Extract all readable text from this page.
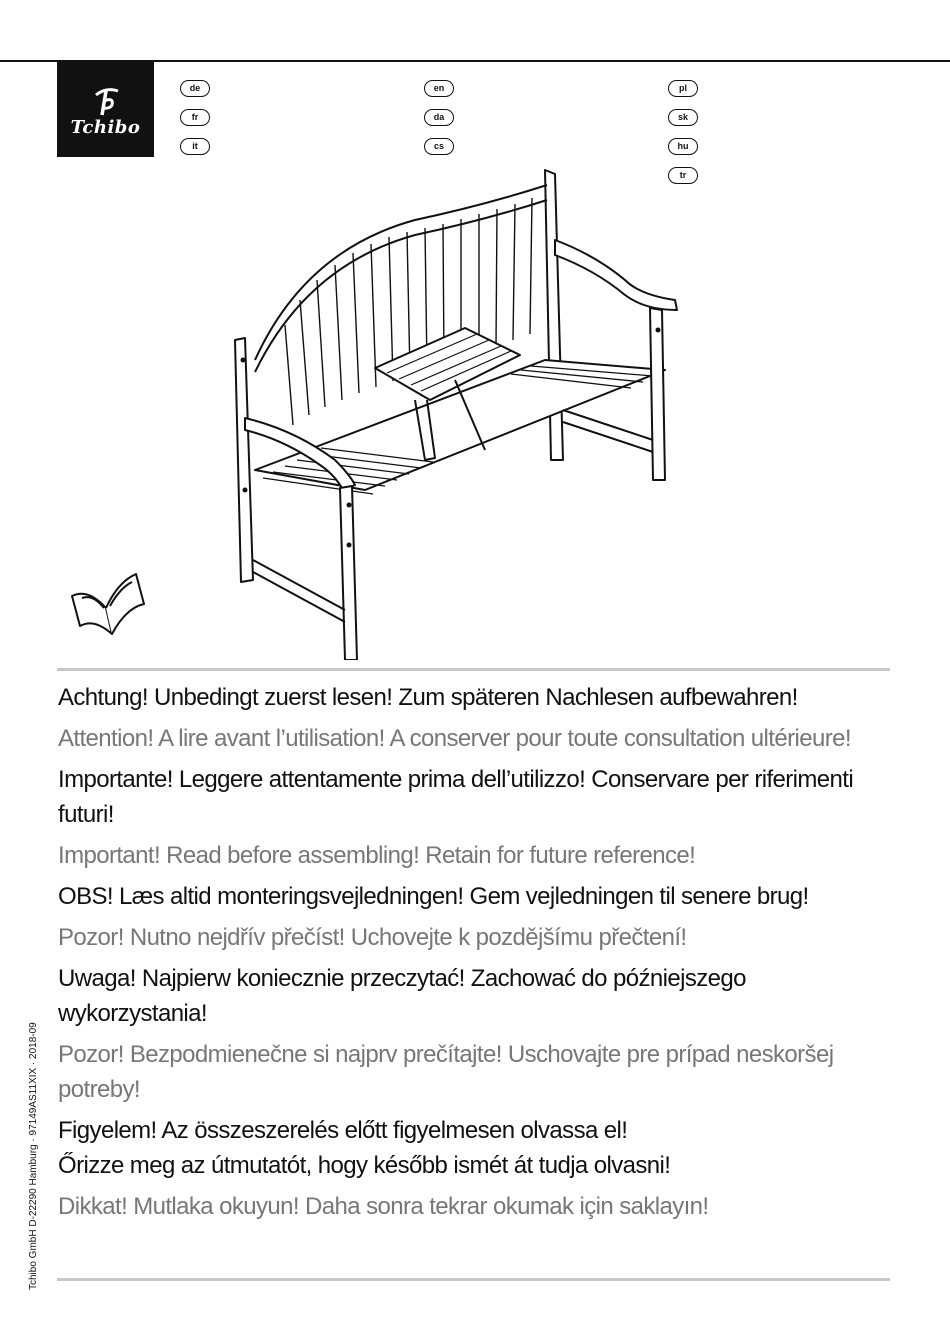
Tchibo
de
fr
it
en
da
cs
pl
sk
hu
tr

Achtung! Unbedingt zuerst lesen! Zum späteren Nachlesen aufbewahren!

Attention! A lire avant l’utilisation! A conserver pour toute consultation ultérieure!

Importante! Leggere attentamente prima dell’utilizzo! Conservare per riferimenti futuri!

Important! Read before assembling! Retain for future reference!

OBS! Læs altid monteringsvejledningen! Gem vejledningen til senere brug!

Pozor! Nutno nejdřív přečíst! Uchovejte k pozdějšímu přečtení!

Uwaga! Najpierw koniecznie przeczytać! Zachować do późniejszego wykorzystania!

Pozor! Bezpodmienečne si najprv prečítajte! Uschovajte pre prípad neskoršej potreby!

Figyelem! Az összeszerelés előtt figyelmesen olvassa el!
Őrizze meg az útmutatót, hogy később ismét át tudja olvasni!

Dikkat! Mutlaka okuyun! Daha sonra tekrar okumak için saklayın!

Tchibo GmbH D-22290 Hamburg · 97149AS11XIX · 2018-09
